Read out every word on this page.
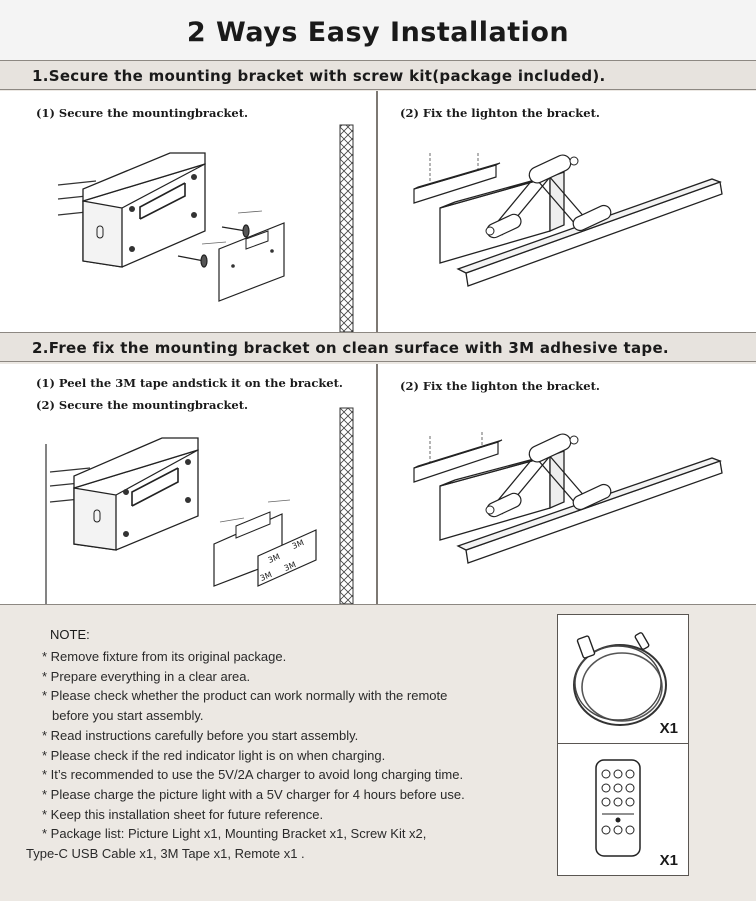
2 Ways Easy Installation
1.Secure the mounting bracket with screw kit(package included).
(1) Secure the mountingbracket.	(2) Fix the lighton the bracket.
2.Free fix the mounting bracket on clean surface with 3M adhesive tape.
(1) Peel the 3M tape andstick it on the bracket.
(2) Secure the mountingbracket.
3M
3M
3M
3M
(2) Fix the lighton the bracket.
NOTE:
* Remove fixture from its original package.
* Prepare everything in a clear area.
* Please check whether the product can work normally with the remote
before you start assembly.
* Read instructions carefully before you start assembly.
* Please check if the red indicator light is on when charging.
* It’s recommended to use the 5V/2A charger to avoid long charging time.
* Please charge the picture light with a 5V charger for 4 hours before use.
* Keep this installation sheet for future reference.
* Package list: Picture Light x1, Mounting Bracket x1, Screw Kit x2,
Type-C USB Cable x1, 3M Tape x1, Remote x1 .
X1
X1
